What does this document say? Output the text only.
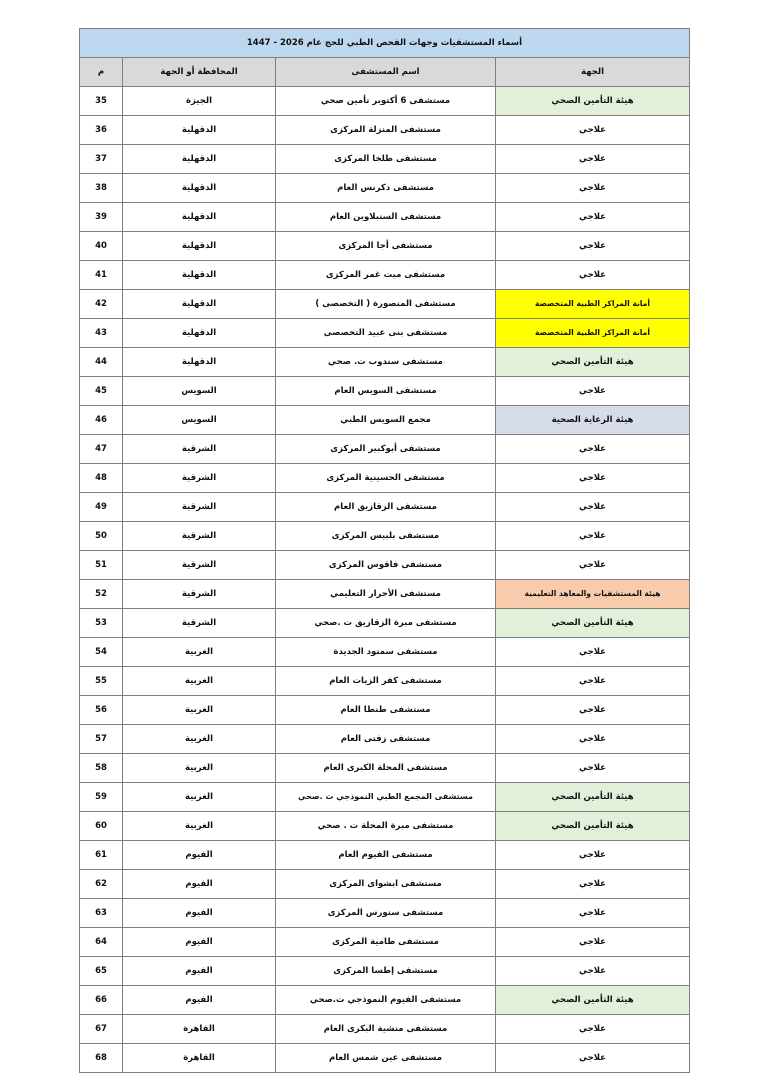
أسماء المستشفيات وجهات الفحص الطبي للحج عام 2026 - 1447			
الجهة	اسم المستشفى	المحافظة أو الجهة	م
هيئة التأمين الصحي	مستشفى 6 أكتوبر تأمين صحي	الجيزة	35
علاجي	مستشفى المنزلة المركزى	الدقهلية	36
علاجي	مستشفى طلخا المركزى	الدقهلية	37
علاجي	مستشفى دكرنس العام	الدقهلية	38
علاجي	مستشفى السنبلاوين العام	الدقهلية	39
علاجي	مستشفى أجا المركزى	الدقهلية	40
علاجي	مستشفى ميت غمر المركزى	الدقهلية	41
أمانة المراكز الطبية المتخصصة	مستشفى المنصورة ( التخصصى )	الدقهلية	42
أمانة المراكز الطبية المتخصصة	مستشفى بنى عبيد التخصصى	الدقهلية	43
هيئة التأمين الصحي	مستشفى سندوب ت. صحي	الدقهلية	44
علاجي	مستشفى السويس العام	السويس	45
هيئة الرعاية الصحية	مجمع السويس الطبي	السويس	46
علاجي	مستشفى أبوكبير المركزى	الشرقية	47
علاجي	مستشفى الحسينية المركزى	الشرقية	48
علاجي	مستشفى الزقازيق العام	الشرقية	49
علاجي	مستشفى بلبيس المركزى	الشرقية	50
علاجي	مستشفى فاقوس المركزى	الشرقية	51
هيئة المستشفيات والمعاهد التعليمية	مستشفى الأحرار التعليمي	الشرقية	52
هيئة التأمين الصحي	مستشفى مبرة الزقازيق ت .صحي	الشرقية	53
علاجي	مستشفى سمنود الجديدة	الغربية	54
علاجي	مستشفى كفر الزيات العام	الغربية	55
علاجي	مستشفى طنطا العام	الغربية	56
علاجي	مستشفى زفتى العام	الغربية	57
علاجي	مستشفى المحلة الكبرى العام	الغربية	58
هيئة التأمين الصحي	مستشفى المجمع الطبي النموذجي ت .صحي	الغربية	59
هيئة التأمين الصحي	مستشفى مبرة المحلة ت . صحي	الغربية	60
علاجي	مستشفى الفيوم العام	الفيوم	61
علاجي	مستشفى ابشواى المركزى	الفيوم	62
علاجي	مستشفى سنورس المركزى	الفيوم	63
علاجي	مستشفى طامية المركزى	الفيوم	64
علاجي	مستشفى إطسا المركزى	الفيوم	65
هيئة التأمين الصحي	مستشفى الفيوم النموذجي ت.صحي	الفيوم	66
علاجي	مستشفى منشية البكرى العام	القاهرة	67
علاجي	مستشفى عين شمس العام	القاهرة	68
